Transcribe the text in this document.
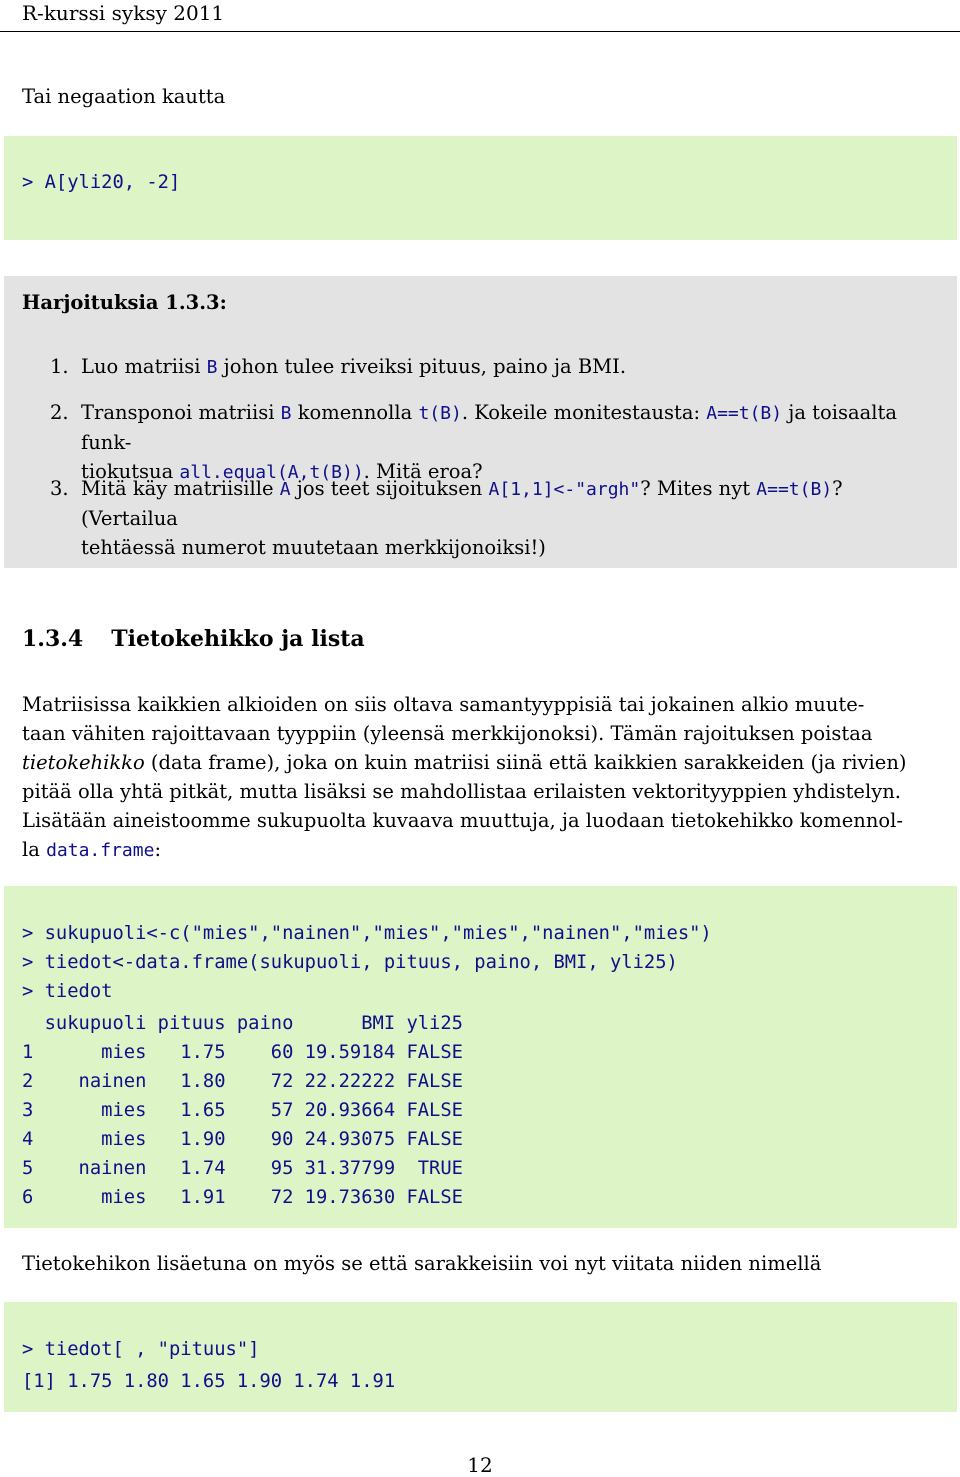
R-kurssi syksy 2011
Tai negaation kautta
> A[yli20, -2]
Harjoituksia 1.3.3:
1. Luo matriisi B johon tulee riveiksi pituus, paino ja BMI.
2. Transponoi matriisi B komennolla t(B). Kokeile monitestausta: A==t(B) ja toisaalta funk-
tiokutsua all.equal(A,t(B)). Mitä eroa?
3. Mitä käy matriisille A jos teet sijoituksen A[1,1]<-"argh"? Mites nyt A==t(B)? (Vertailua
tehtäessä numerot muutetaan merkkijonoiksi!)
1.3.4 Tietokehikko ja lista
Matriisissa kaikkien alkioiden on siis oltava samantyyppisiä tai jokainen alkio muute-
taan vähiten rajoittavaan tyyppiin (yleensä merkkijonoksi). Tämän rajoituksen poistaa
tietokehikko (data frame), joka on kuin matriisi siinä että kaikkien sarakkeiden (ja rivien)
pitää olla yhtä pitkät, mutta lisäksi se mahdollistaa erilaisten vektorityyppien yhdistelyn.
Lisätään aineistoomme sukupuolta kuvaava muuttuja, ja luodaan tietokehikko komennol-
la data.frame:
> sukupuoli<-c("mies","nainen","mies","mies","nainen","mies")
> tiedot<-data.frame(sukupuoli, pituus, paino, BMI, yli25)
> tiedot
sukupuoli pituus paino      BMI yli25
1      mies   1.75    60 19.59184 FALSE
2    nainen   1.80    72 22.22222 FALSE
3      mies   1.65    57 20.93664 FALSE
4      mies   1.90    90 24.93075 FALSE
5    nainen   1.74    95 31.37799  TRUE
6      mies   1.91    72 19.73630 FALSE
Tietokehikon lisäetuna on myös se että sarakkeisiin voi nyt viitata niiden nimellä
> tiedot[ , "pituus"]
[1] 1.75 1.80 1.65 1.90 1.74 1.91
12
